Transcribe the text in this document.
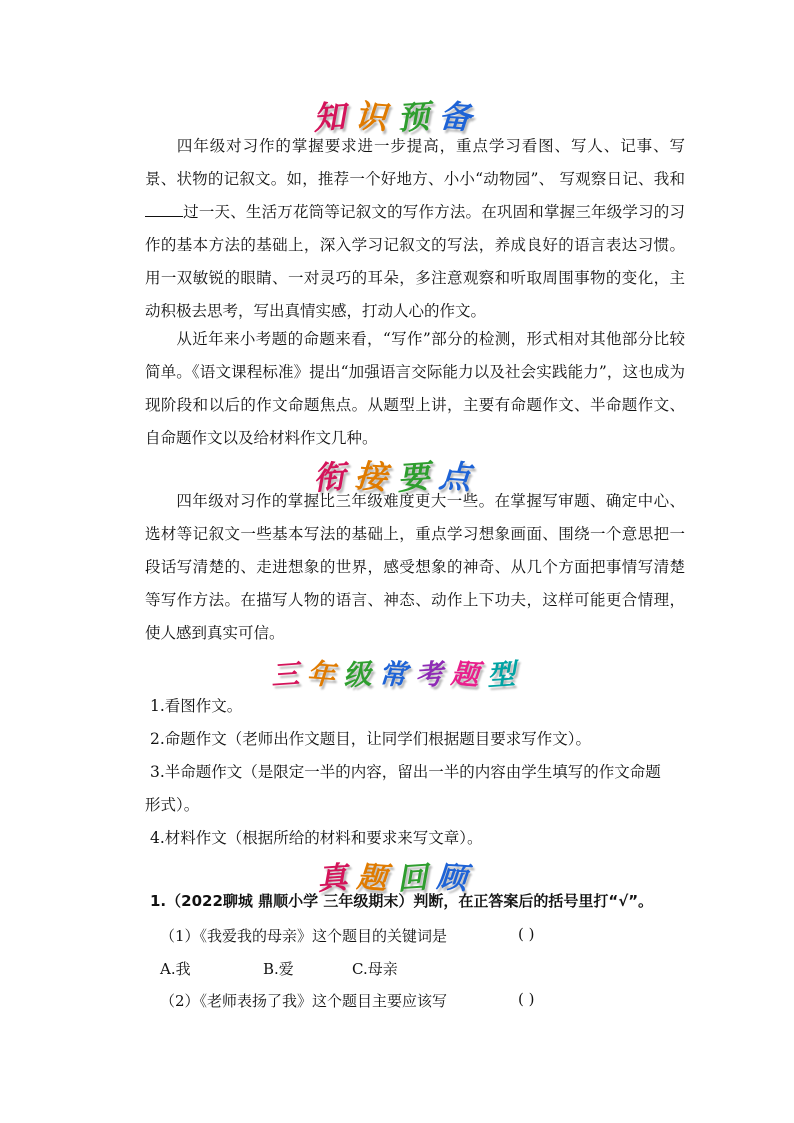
知识预备
四年级对习作的掌握要求进一步提高，重点学习看图、写人、记事、写景、状物的记叙文。如，推荐一个好地方、小小“动物园”、 写观察日记、我和过一天、生活万花筒等记叙文的写作方法。在巩固和掌握三年级学习的习作的基本方法的基础上，深入学习记叙文的写法，养成良好的语言表达习惯。用一双敏锐的眼睛、一对灵巧的耳朵，多注意观察和听取周围事物的变化，主动积极去思考，写出真情实感，打动人心的作文。
从近年来小考题的命题来看，“写作”部分的检测，形式相对其他部分比较简单。《语文课程标准》提出“加强语言交际能力以及社会实践能力”，这也成为现阶段和以后的作文命题焦点。从题型上讲，主要有命题作文、半命题作文、自命题作文以及给材料作文几种。
衔接要点
四年级对习作的掌握比三年级难度更大一些。在掌握写审题、确定中心、选材等记叙文一些基本写法的基础上，重点学习想象画面、围绕一个意思把一段话写清楚的、走进想象的世界，感受想象的神奇、从几个方面把事情写清楚等写作方法。在描写人物的语言、神态、动作上下功夫，这样可能更合情理，使人感到真实可信。
三年级常考题型
1.看图作文。
2.命题作文（老师出作文题目，让同学们根据题目要求写作文）。
3.半命题作文（是限定一半的内容，留出一半的内容由学生填写的作文命题
形式）。
4.材料作文（根据所给的材料和要求来写文章）。
真题回顾
1.（2022聊城 鼎顺小学 三年级期末）判断，在正答案后的括号里打“√”。
（1）《我爱我的母亲》这个题目的关键词是	( )
A.我	B.爱	C.母亲
（2）《老师表扬了我》这个题目主要应该写	( )
